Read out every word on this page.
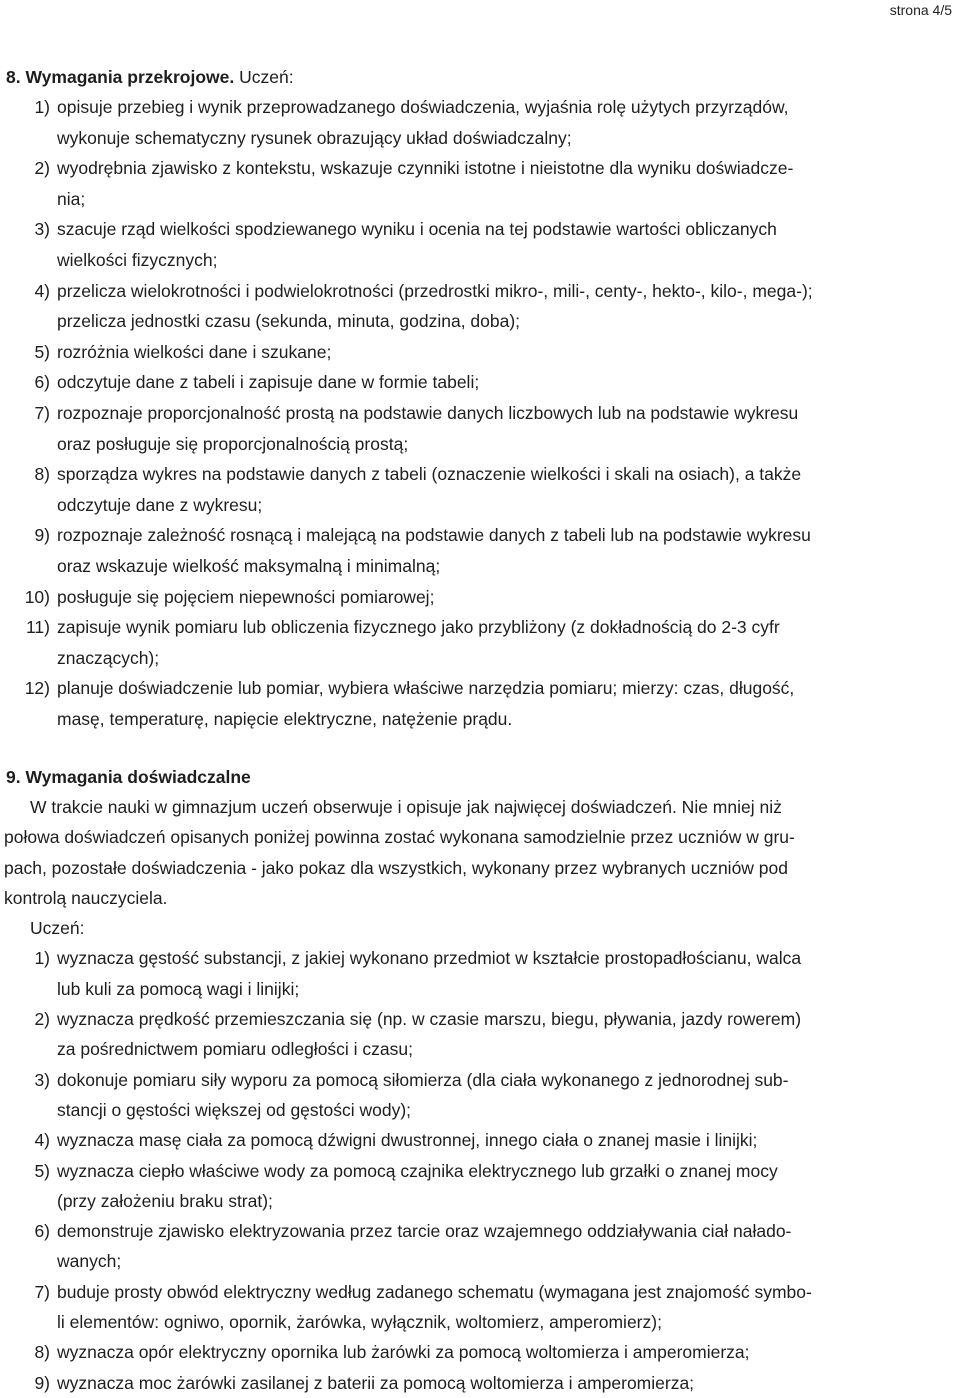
strona 4/5
8. Wymagania przekrojowe. Uczeń:
1) opisuje przebieg i wynik przeprowadzanego doświadczenia, wyjaśnia rolę użytych przyrządów,
wykonuje schematyczny rysunek obrazujący układ doświadczalny;
2) wyodrębnia zjawisko z kontekstu, wskazuje czynniki istotne i nieistotne dla wyniku doświadcze-
nia;
3) szacuje rząd wielkości spodziewanego wyniku i ocenia na tej podstawie wartości obliczanych
wielkości fizycznych;
4) przelicza wielokrotności i podwielokrotności (przedrostki mikro-, mili-, centy-, hekto-, kilo-, mega-);
przelicza jednostki czasu (sekunda, minuta, godzina, doba);
5) rozróżnia wielkości dane i szukane;
6) odczytuje dane z tabeli i zapisuje dane w formie tabeli;
7) rozpoznaje proporcjonalność prostą na podstawie danych liczbowych lub na podstawie wykresu
oraz posługuje się proporcjonalnością prostą;
8) sporządza wykres na podstawie danych z tabeli (oznaczenie wielkości i skali na osiach), a także
odczytuje dane z wykresu;
9) rozpoznaje zależność rosnącą i malejącą na podstawie danych z tabeli lub na podstawie wykresu
oraz wskazuje wielkość maksymalną i minimalną;
10) posługuje się pojęciem niepewności pomiarowej;
11) zapisuje wynik pomiaru lub obliczenia fizycznego jako przybliżony (z dokładnością do 2-3 cyfr
znaczących);
12) planuje doświadczenie lub pomiar, wybiera właściwe narzędzia pomiaru; mierzy: czas, długość,
masę, temperaturę, napięcie elektryczne, natężenie prądu.
9. Wymagania doświadczalne
W trakcie nauki w gimnazjum uczeń obserwuje i opisuje jak najwięcej doświadczeń. Nie mniej niż
połowa doświadczeń opisanych poniżej powinna zostać wykonana samodzielnie przez uczniów w gru-
pach, pozostałe doświadczenia - jako pokaz dla wszystkich, wykonany przez wybranych uczniów pod
kontrolą nauczyciela.
Uczeń:
1) wyznacza gęstość substancji, z jakiej wykonano przedmiot w kształcie prostopadłościanu, walca
lub kuli za pomocą wagi i linijki;
2) wyznacza prędkość przemieszczania się (np. w czasie marszu, biegu, pływania, jazdy rowerem)
za pośrednictwem pomiaru odległości i czasu;
3) dokonuje pomiaru siły wyporu za pomocą siłomierza (dla ciała wykonanego z jednorodnej sub-
stancji o gęstości większej od gęstości wody);
4) wyznacza masę ciała za pomocą dźwigni dwustronnej, innego ciała o znanej masie i linijki;
5) wyznacza ciepło właściwe wody za pomocą czajnika elektrycznego lub grzałki o znanej mocy
(przy założeniu braku strat);
6) demonstruje zjawisko elektryzowania przez tarcie oraz wzajemnego oddziaływania ciał nałado-
wanych;
7) buduje prosty obwód elektryczny według zadanego schematu (wymagana jest znajomość symbo-
li elementów: ogniwo, opornik, żarówka, wyłącznik, woltomierz, amperomierz);
8) wyznacza opór elektryczny opornika lub żarówki za pomocą woltomierza i amperomierza;
9) wyznacza moc żarówki zasilanej z baterii za pomocą woltomierza i amperomierza;
